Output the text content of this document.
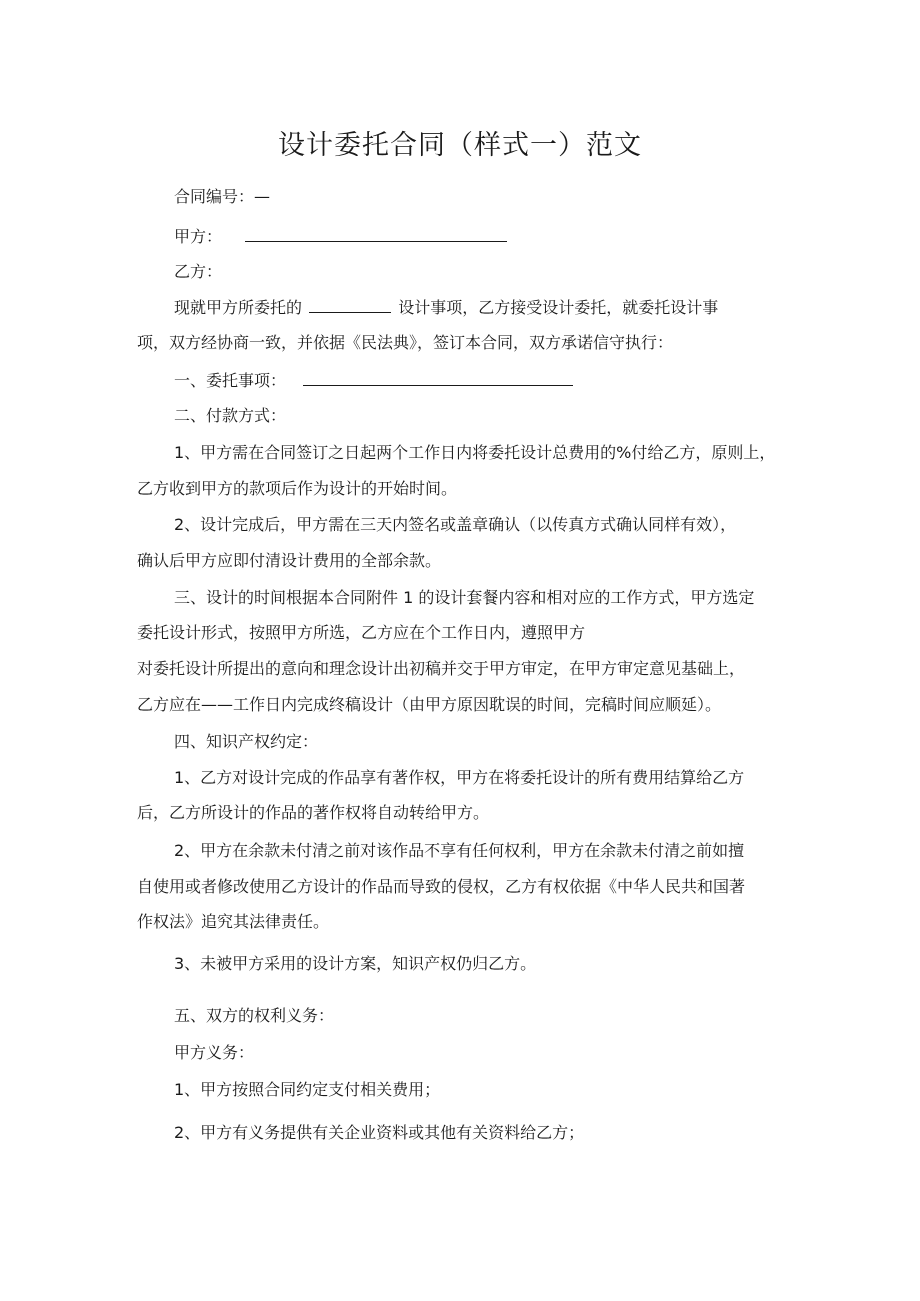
设计委托合同（样式一）范文
合同编号：—
甲方：
乙方：
现就甲方所委托的	设计事项，乙方接受设计委托，就委托设计事
项，双方经协商一致，并依据《民法典》，签订本合同，双方承诺信守执行：
一、委托事项：
二、付款方式：
1、甲方需在合同签订之日起两个工作日内将委托设计总费用的%付给乙方，原则上，
乙方收到甲方的款项后作为设计的开始时间。
2、设计完成后，甲方需在三天内签名或盖章确认（以传真方式确认同样有效），
确认后甲方应即付清设计费用的全部余款。
三、设计的时间根据本合同附件 1 的设计套餐内容和相对应的工作方式，甲方选定
委托设计形式，按照甲方所选，乙方应在个工作日内，遵照甲方
对委托设计所提出的意向和理念设计出初稿并交于甲方审定，在甲方审定意见基础上，
乙方应在——工作日内完成终稿设计（由甲方原因耽误的时间，完稿时间应顺延）。
四、知识产权约定：
1、乙方对设计完成的作品享有著作权，甲方在将委托设计的所有费用结算给乙方
后，乙方所设计的作品的著作权将自动转给甲方。
2、甲方在余款未付清之前对该作品不享有任何权利，甲方在余款未付清之前如擅
自使用或者修改使用乙方设计的作品而导致的侵权，乙方有权依据《中华人民共和国著
作权法》追究其法律责任。
3、未被甲方采用的设计方案，知识产权仍归乙方。
五、双方的权利义务：
甲方义务：
1、甲方按照合同约定支付相关费用；
2、甲方有义务提供有关企业资料或其他有关资料给乙方；
